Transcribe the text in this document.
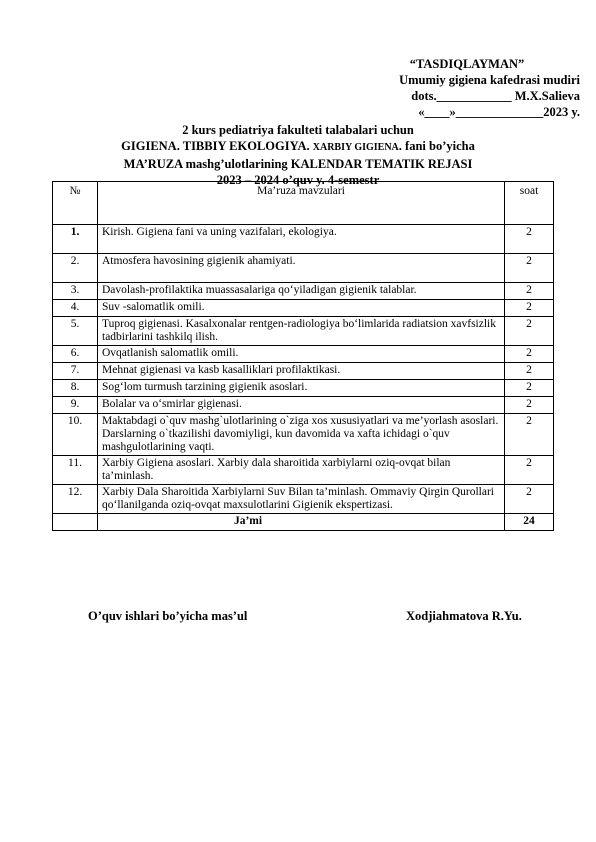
“TASDIQLAYMAN”
Umumiy gigiena kafedrasi mudiri
dots.____________ M.X.Salieva
«____»______________2023 y.
2 kurs pediatriya fakulteti talabalari uchun
GIGIENA. TIBBIY EKOLOGIYA. XARBIY GIGIENA. fani bo’yicha
MA’RUZA mashg’ulotlarining KALENDAR TEMATIK REJASI
2023 – 2024 o’quv y. 4-semestr
№	Ma’ruza mavzulari	soat
1.	Kirish. Gigiena fani va uning vazifalari, ekologiya.	2
2.	Atmosfera havosining gigienik ahamiyati.	2
3.	Davolash-profilaktika muassasalariga qo‘yiladigan gigienik talablar.	2
4.	Suv -salomatlik omili.	2
5.	Tuproq gigienasi. Kasalxonalar rentgen-radiologiya bo‘limlarida radiatsion xavfsizlik tadbirlarini tashkilq ilish.	2
6.	Ovqatlanish salomatlik omili.	2
7.	Mehnat gigienasi va kasb kasalliklari profilaktikasi.	2
8.	Sog‘lom turmush tarzining gigienik asoslari.	2
9.	Bolalar va o‘smirlar gigienasi.	2
10.	Maktabdagi o`quv mashg`ulotlarining o`ziga xos xususiyatlari va me’yorlash asoslari. Darslarning o`tkazilishi davomiyligi, kun davomida va xafta ichidagi o`quv mashgulotlarining vaqti.	2
11.	Xarbiy Gigiena asoslari. Xarbiy dala sharoitida xarbiylarni oziq-ovqat bilan ta’minlash.	2
12.	Xarbiy Dala Sharoitida Xarbiylarni Suv Bilan ta’minlash. Ommaviy Qirgin Qurollari qo‘llanilganda oziq-ovqat maxsulotlarini Gigienik ekspertizasi.	2
	Ja’mi	24
O’quv ishlari bo’yicha mas’ul	Xodjiahmatova R.Yu.
